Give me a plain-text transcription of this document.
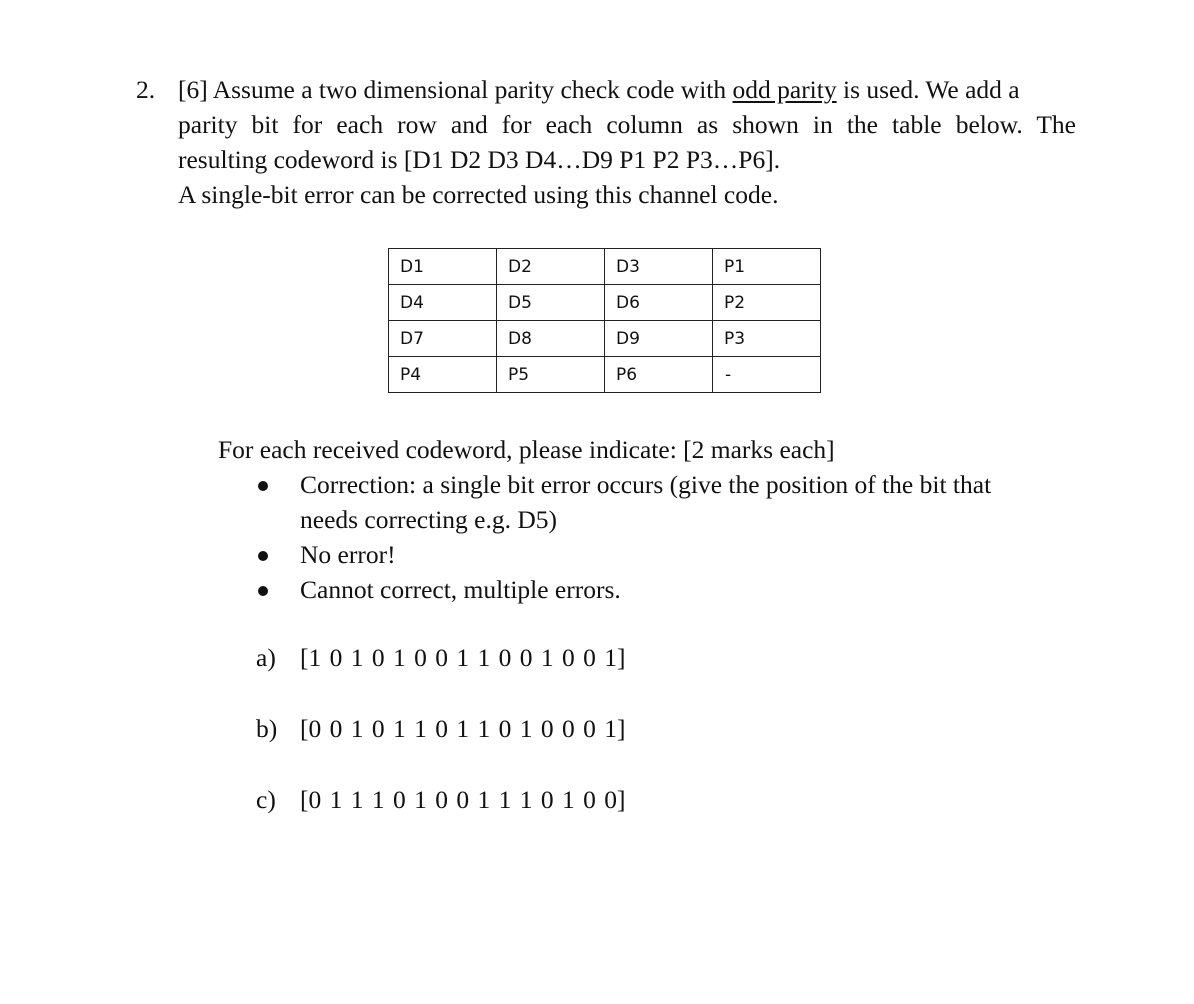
2. [6] Assume a two dimensional parity check code with odd parity is used. We add a
parity bit for each row and for each column as shown in the table below. The
resulting codeword is [D1 D2 D3 D4…D9 P1 P2 P3…P6].
A single-bit error can be corrected using this channel code.
D1	D2	D3	P1
D4	D5	D6	P2
D7	D8	D9	P3
P4	P5	P6	-
For each received codeword, please indicate: [2 marks each]
Correction: a single bit error occurs (give the position of the bit that needs correcting e.g. D5)
No error!
Cannot correct, multiple errors.
a) [1 0 1 0 1 0 0 1 1 0 0 1 0 0 1]
b) [0 0 1 0 1 1 0 1 1 0 1 0 0 0 1]
c) [0 1 1 1 0 1 0 0 1 1 1 0 1 0 0]
